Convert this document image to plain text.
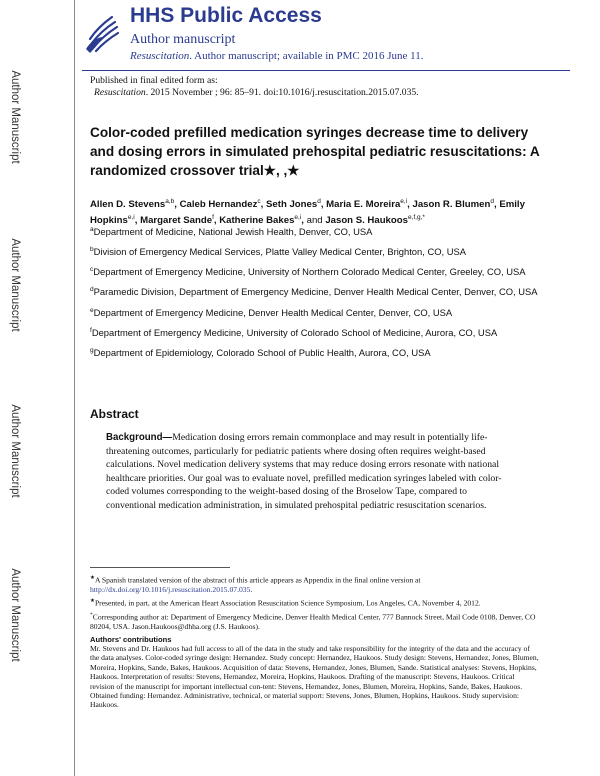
Author Manuscript
Author Manuscript
Author Manuscript
Author Manuscript
HHS Public Access
Author manuscript
Resuscitation. Author manuscript; available in PMC 2016 June 11.
Published in final edited form as:
Resuscitation. 2015 November ; 96: 85–91. doi:10.1016/j.resuscitation.2015.07.035.
Color-coded prefilled medication syringes decrease time to delivery and dosing errors in simulated prehospital pediatric resuscitations: A randomized crossover trial★, ,★
Allen D. Stevens$^{a,b}$, Caleb Hernandez$^c$, Seth Jones$^d$, Maria E. Moreira$^{e,i}$, Jason R. Blumen$^d$, Emily Hopkins$^{e,i}$, Margaret Sande$^f$, Katherine Bakes$^{e,i}$, and Jason S. Haukoos$^{e,f,g,*}$

$^a$Department of Medicine, National Jewish Health, Denver, CO, USA

$^b$Division of Emergency Medical Services, Platte Valley Medical Center, Brighton, CO, USA

$^c$Department of Emergency Medicine, University of Northern Colorado Medical Center, Greeley, CO, USA

$^d$Paramedic Division, Department of Emergency Medicine, Denver Health Medical Center, Denver, CO, USA

$^e$Department of Emergency Medicine, Denver Health Medical Center, Denver, CO, USA

$^f$Department of Emergency Medicine, University of Colorado School of Medicine, Aurora, CO, USA

$^g$Department of Epidemiology, Colorado School of Public Health, Aurora, CO, USA

Abstract
Background—Medication dosing errors remain commonplace and may result in potentially life-threatening outcomes, particularly for pediatric patients where dosing often requires weight-based calculations. Novel medication delivery systems that may reduce dosing errors resonate with national healthcare priorities. Our goal was to evaluate novel, prefilled medication syringes labeled with color-coded volumes corresponding to the weight-based dosing of the Broselow Tape, compared to conventional medication administration, in simulated prehospital pediatric resuscitation scenarios.

★A Spanish translated version of the abstract of this article appears as Appendix in the final online version at http://dx.doi.org/10.1016/j.resuscitation.2015.07.035.

★Presented, in part, at the American Heart Association Resuscitation Science Symposium, Los Angeles, CA, November 4, 2012.

*Corresponding author at: Department of Emergency Medicine, Denver Health Medical Center, 777 Bannock Street, Mail Code 0108, Denver, CO 80204, USA. Jason.Haukoos@dhha.org (J.S. Haukoos).

Authors' contributions

Mr. Stevens and Dr. Haukoos had full access to all of the data in the study and take responsibility for the integrity of the data and the accuracy of the data analyses. Color-coded syringe design: Hernandez. Study concept: Hernandez, Haukoos. Study design: Stevens, Hernandez, Jones, Blumen, Moreira, Hopkins, Sande, Bakes, Haukoos. Acquisition of data: Stevens, Hernandez, Jones, Blumen, Sande. Statistical analyses: Stevens, Hopkins, Haukoos. Interpretation of results: Stevens, Hernandez, Moreira, Hopkins, Haukoos. Drafting of the manuscript: Stevens, Haukoos. Critical revision of the manuscript for important intellectual con-tent: Stevens, Hernandez, Jones, Blumen, Moreira, Hopkins, Sande, Bakes, Haukoos. Obtained funding: Hernandez. Administrative, technical, or material support: Stevens, Jones, Blumen, Hopkins, Haukoos. Study supervision: Haukoos.
